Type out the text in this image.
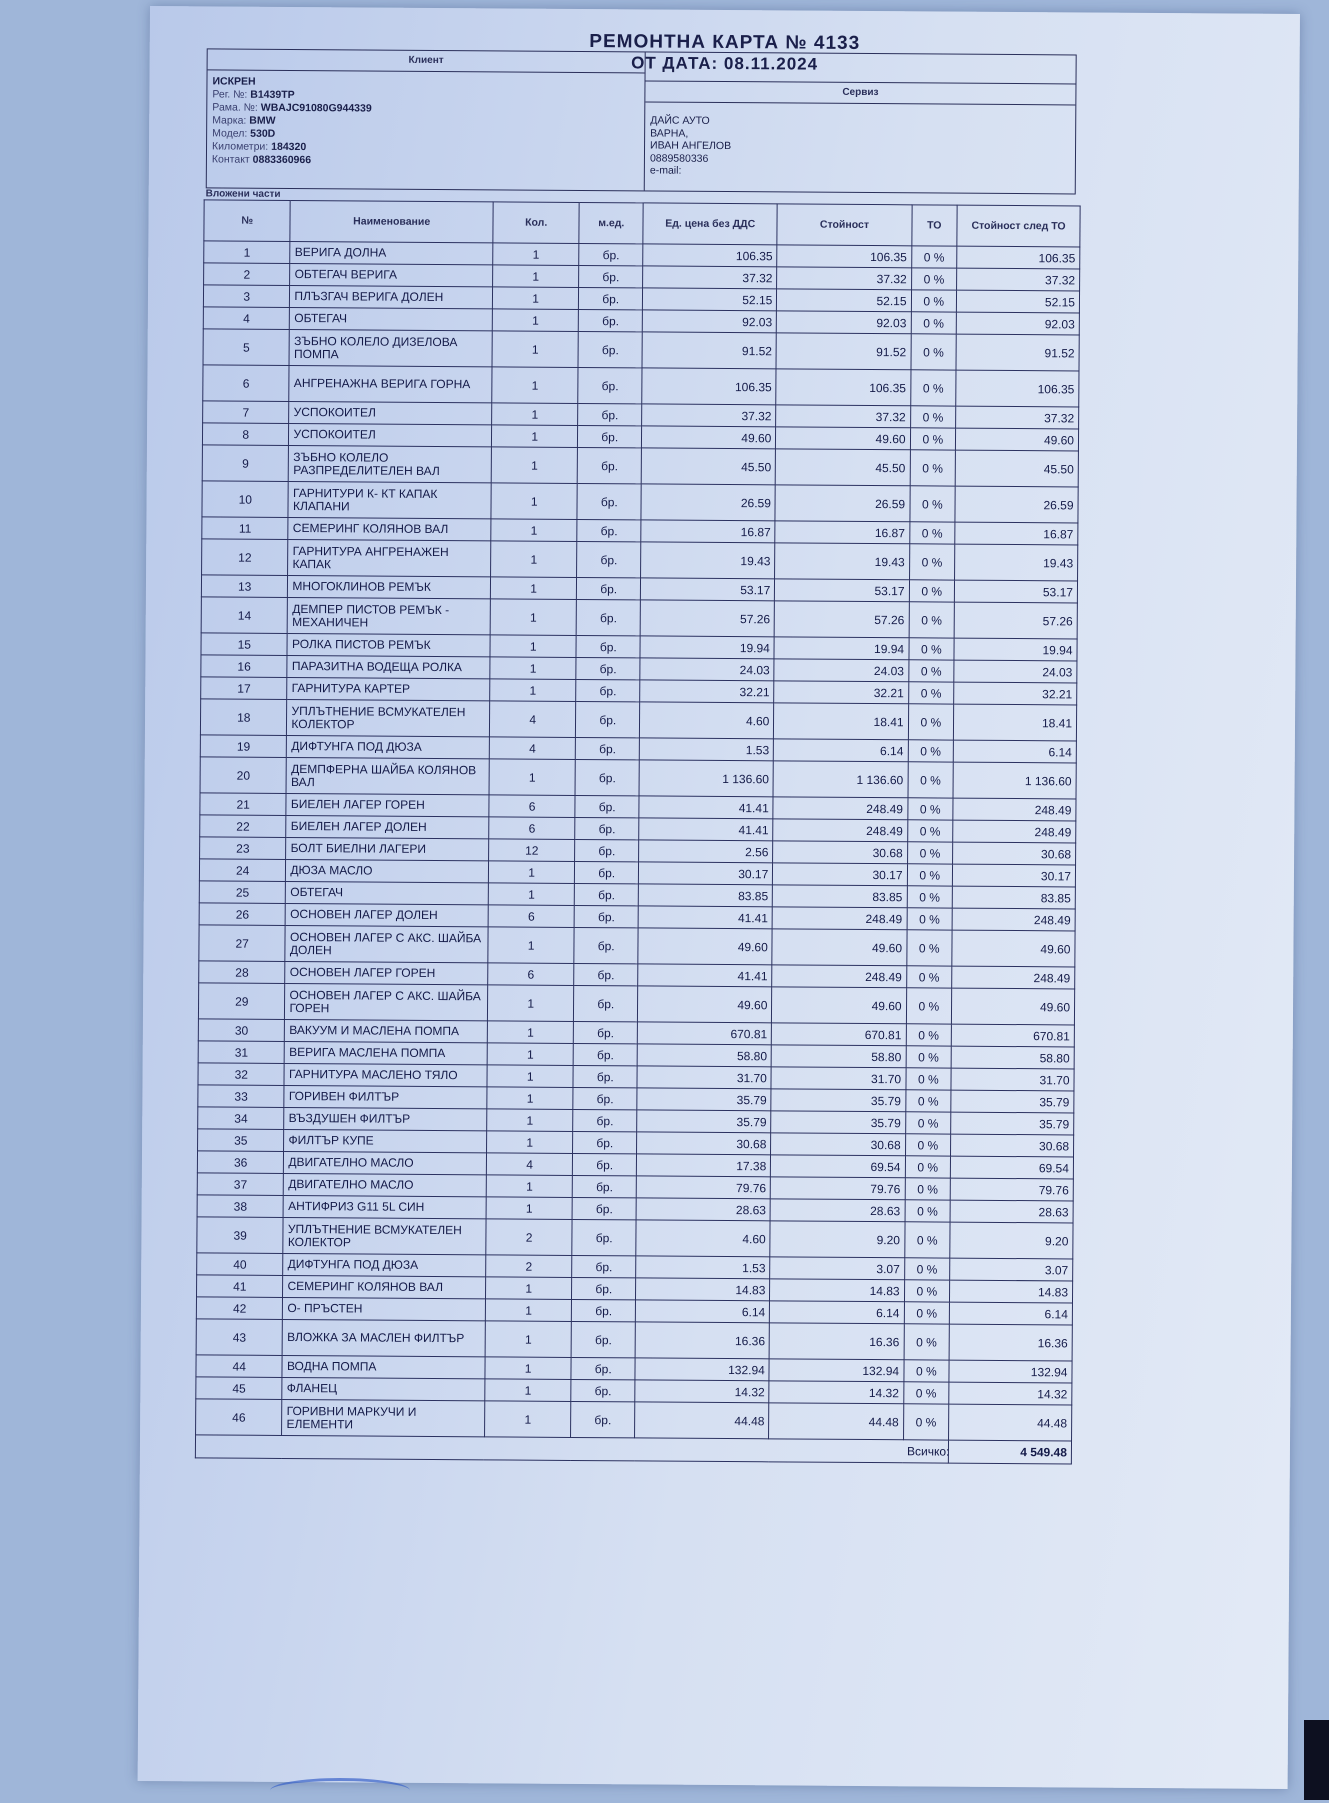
РЕМОНТНА КАРТА № 4133
ОТ ДАТА: 08.11.2024
Клиент
ИСКРЕН
Рег. №: B1439TP
Рама. №: WBAJC91080G944339
Марка: BMW
Модел: 530D
Километри: 184320
Контакт 0883360966
Сервиз
ДАЙС АУТО
ВАРНА,
ИВАН АНГЕЛОВ
0889580336
e-mail:
Вложени части
№	Наименование	Кол.	м.ед.	Ед. цена без ДДС	Стойност	ТО	Стойност след ТО
1	ВЕРИГА ДОЛНА	1	бр.	106.35	106.35	0 %	106.35
2	ОБТЕГАЧ ВЕРИГА	1	бр.	37.32	37.32	0 %	37.32
3	ПЛЪЗГАЧ ВЕРИГА ДОЛЕН	1	бр.	52.15	52.15	0 %	52.15
4	ОБТЕГАЧ	1	бр.	92.03	92.03	0 %	92.03
5	ЗЪБНО КОЛЕЛО ДИЗЕЛОВА ПОМПА	1	бр.	91.52	91.52	0 %	91.52
6	АНГРЕНАЖНА ВЕРИГА ГОРНА	1	бр.	106.35	106.35	0 %	106.35
7	УСПОКОИТЕЛ	1	бр.	37.32	37.32	0 %	37.32
8	УСПОКОИТЕЛ	1	бр.	49.60	49.60	0 %	49.60
9	ЗЪБНО КОЛЕЛО РАЗПРЕДЕЛИТЕЛЕН ВАЛ	1	бр.	45.50	45.50	0 %	45.50
10	ГАРНИТУРИ К- КТ КАПАК КЛАПАНИ	1	бр.	26.59	26.59	0 %	26.59
11	СЕМЕРИНГ КОЛЯНОВ ВАЛ	1	бр.	16.87	16.87	0 %	16.87
12	ГАРНИТУРА АНГРЕНАЖЕН КАПАК	1	бр.	19.43	19.43	0 %	19.43
13	МНОГОКЛИНОВ РЕМЪК	1	бр.	53.17	53.17	0 %	53.17
14	ДЕМПЕР ПИСТОВ РЕМЪК - МЕХАНИЧЕН	1	бр.	57.26	57.26	0 %	57.26
15	РОЛКА ПИСТОВ РЕМЪК	1	бр.	19.94	19.94	0 %	19.94
16	ПАРАЗИТНА ВОДЕЩА РОЛКА	1	бр.	24.03	24.03	0 %	24.03
17	ГАРНИТУРА КАРТЕР	1	бр.	32.21	32.21	0 %	32.21
18	УПЛЪТНЕНИЕ ВСМУКАТЕЛЕН КОЛЕКТОР	4	бр.	4.60	18.41	0 %	18.41
19	ДИФТУНГА ПОД ДЮЗА	4	бр.	1.53	6.14	0 %	6.14
20	ДЕМПФЕРНА ШАЙБА КОЛЯНОВ ВАЛ	1	бр.	1 136.60	1 136.60	0 %	1 136.60
21	БИЕЛЕН ЛАГЕР ГОРЕН	6	бр.	41.41	248.49	0 %	248.49
22	БИЕЛЕН ЛАГЕР ДОЛЕН	6	бр.	41.41	248.49	0 %	248.49
23	БОЛТ БИЕЛНИ ЛАГЕРИ	12	бр.	2.56	30.68	0 %	30.68
24	ДЮЗА МАСЛО	1	бр.	30.17	30.17	0 %	30.17
25	ОБТЕГАЧ	1	бр.	83.85	83.85	0 %	83.85
26	ОСНОВЕН ЛАГЕР ДОЛЕН	6	бр.	41.41	248.49	0 %	248.49
27	ОСНОВЕН ЛАГЕР С АКС. ШАЙБА ДОЛЕН	1	бр.	49.60	49.60	0 %	49.60
28	ОСНОВЕН ЛАГЕР ГОРЕН	6	бр.	41.41	248.49	0 %	248.49
29	ОСНОВЕН ЛАГЕР С АКС. ШАЙБА ГОРЕН	1	бр.	49.60	49.60	0 %	49.60
30	ВАКУУМ И МАСЛЕНА ПОМПА	1	бр.	670.81	670.81	0 %	670.81
31	ВЕРИГА МАСЛЕНА ПОМПА	1	бр.	58.80	58.80	0 %	58.80
32	ГАРНИТУРА МАСЛЕНО ТЯЛО	1	бр.	31.70	31.70	0 %	31.70
33	ГОРИВЕН ФИЛТЪР	1	бр.	35.79	35.79	0 %	35.79
34	ВЪЗДУШЕН ФИЛТЪР	1	бр.	35.79	35.79	0 %	35.79
35	ФИЛТЪР КУПЕ	1	бр.	30.68	30.68	0 %	30.68
36	ДВИГАТЕЛНО МАСЛО	4	бр.	17.38	69.54	0 %	69.54
37	ДВИГАТЕЛНО МАСЛО	1	бр.	79.76	79.76	0 %	79.76
38	АНТИФРИЗ G11 5L СИН	1	бр.	28.63	28.63	0 %	28.63
39	УПЛЪТНЕНИЕ ВСМУКАТЕЛЕН КОЛЕКТОР	2	бр.	4.60	9.20	0 %	9.20
40	ДИФТУНГА ПОД ДЮЗА	2	бр.	1.53	3.07	0 %	3.07
41	СЕМЕРИНГ КОЛЯНОВ ВАЛ	1	бр.	14.83	14.83	0 %	14.83
42	О- ПРЪСТЕН	1	бр.	6.14	6.14	0 %	6.14
43	ВЛОЖКА ЗА МАСЛЕН ФИЛТЪР	1	бр.	16.36	16.36	0 %	16.36
44	ВОДНА ПОМПА	1	бр.	132.94	132.94	0 %	132.94
45	ФЛАНЕЦ	1	бр.	14.32	14.32	0 %	14.32
46	ГОРИВНИ МАРКУЧИ И ЕЛЕМЕНТИ	1	бр.	44.48	44.48	0 %	44.48
						Всичко:	4 549.48
